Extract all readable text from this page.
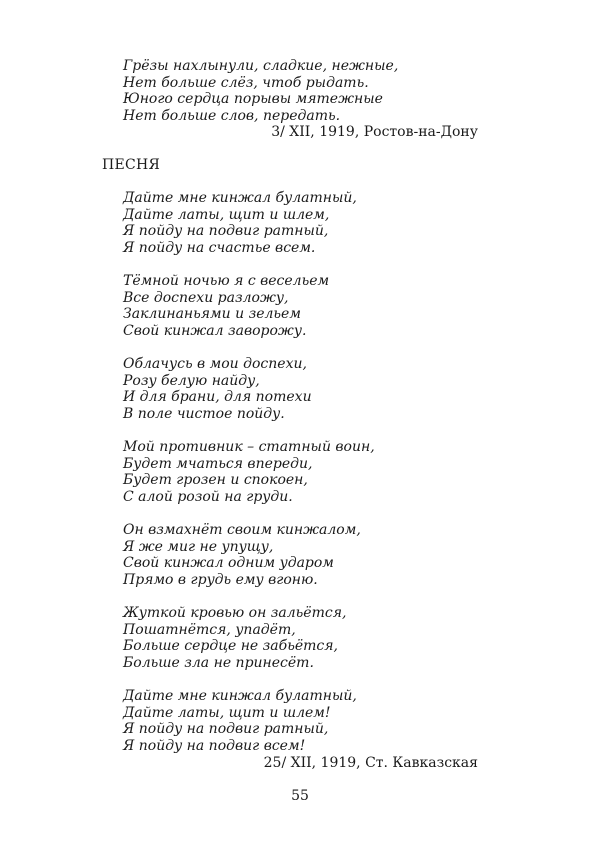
Грёзы нахлынули, сладкие, нежные,
Нет больше слёз, чтоб рыдать.
Юного сердца порывы мятежные
Нет больше слов, передать.
3/ XII, 1919, Ростов-на-Дону
ПЕСНЯ
Дайте мне кинжал булатный,
Дайте латы, щит и шлем,
Я пойду на подвиг ратный,
Я пойду на счастье всем.
Тёмной ночью я с весельем
Все доспехи разложу,
Заклинаньями и зельем
Свой кинжал заворожу.
Облачусь в мои доспехи,
Розу белую найду,
И для брани, для потехи
В поле чистое пойду.
Мой противник – статный воин,
Будет мчаться впереди,
Будет грозен и спокоен,
С алой розой на груди.
Он взмахнёт своим кинжалом,
Я же миг не упущу,
Свой кинжал одним ударом
Прямо в грудь ему вгоню.
Жуткой кровью он зальётся,
Пошатнётся, упадёт,
Больше сердце не забьётся,
Больше зла не принесёт.
Дайте мне кинжал булатный,
Дайте латы, щит и шлем!
Я пойду на подвиг ратный,
Я пойду на подвиг всем!
25/ XII, 1919, Ст. Кавказская
55
